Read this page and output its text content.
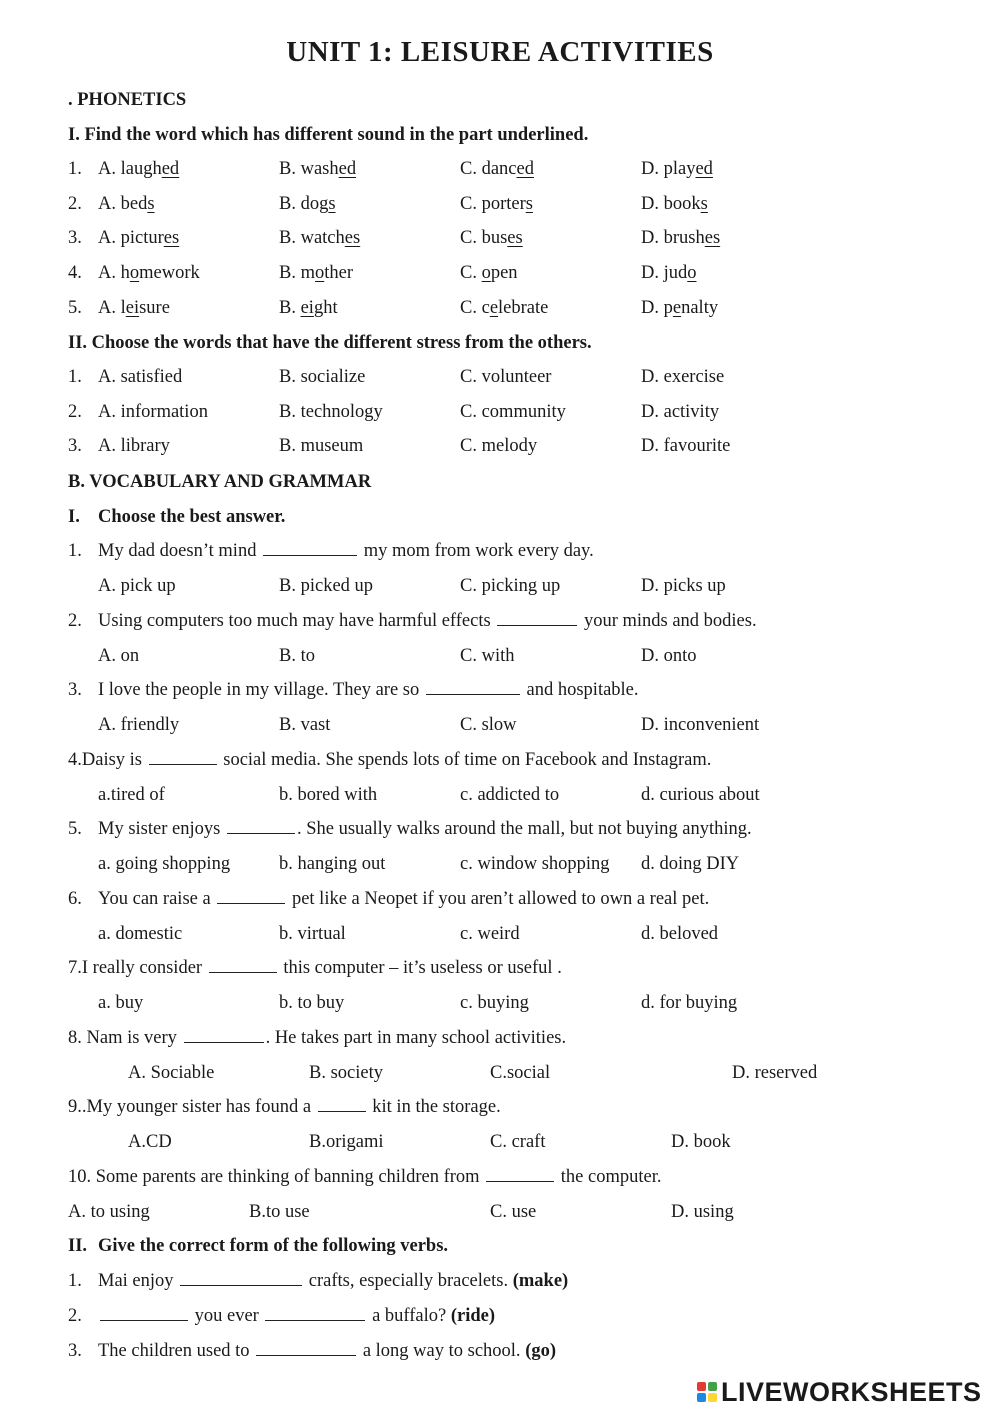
UNIT 1: LEISURE ACTIVITIES
. PHONETICS
I. Find the word which has different sound in the part underlined.
1. A. laughed	B. washed	C. danced	D. played
2. A. beds	B. dogs	C. porters	D. books
3. A. pictures	B. watches	C. buses	D. brushes
4. A. homework	B. mother	C. open	D. judo
5. A. leisure	B. eight	C. celebrate	D. penalty
II. Choose the words that have the different stress from the others.
1. A. satisfied	B. socialize	C. volunteer	D. exercise
2. A. information	B. technology	C. community	D. activity
3. A. library	B. museum	C. melody	D. favourite
B. VOCABULARY AND GRAMMAR
I. Choose the best answer.
1. My dad doesn’t mind	my mom from work every day.
A. pick up	B. picked up	C. picking up	D. picks up
2. Using computers too much may have harmful effects	your minds and bodies.
A. on	B. to	C. with	D. onto
3. I love the people in my village. They are so	and hospitable.
A. friendly	B. vast	C. slow	D. inconvenient
4.Daisy is	social media. She spends lots of time on Facebook and Instagram.
a.tired of	b. bored with	c. addicted to	d. curious about
5. My sister enjoys	. She usually walks around the mall, but not buying anything.
a. going shopping	b. hanging out	c. window shopping d. doing DIY
6. You can raise a	pet like a Neopet if you aren’t allowed to own a real pet.
a. domestic	b. virtual	c. weird	d. beloved
7.I really consider	this computer – it’s useless or useful .
a. buy	b. to buy	c. buying	d. for buying
8. Nam is very	. He takes part in many school activities.
A. Sociable	B. society	C.social	D. reserved
9..My younger sister has found a	kit in the storage.
A.CD	B.origami	C. craft	D. book
10. Some parents are thinking of banning children from	the computer.
A. to using	B.to use	C. use	D. using
II. Give the correct form of the following verbs.
1. Mai enjoy	crafts, especially bracelets. (make)
2.	you ever	a buffalo? (ride)
3. The children used to	a long way to school. (go)
LIVEWORKSHEETS
